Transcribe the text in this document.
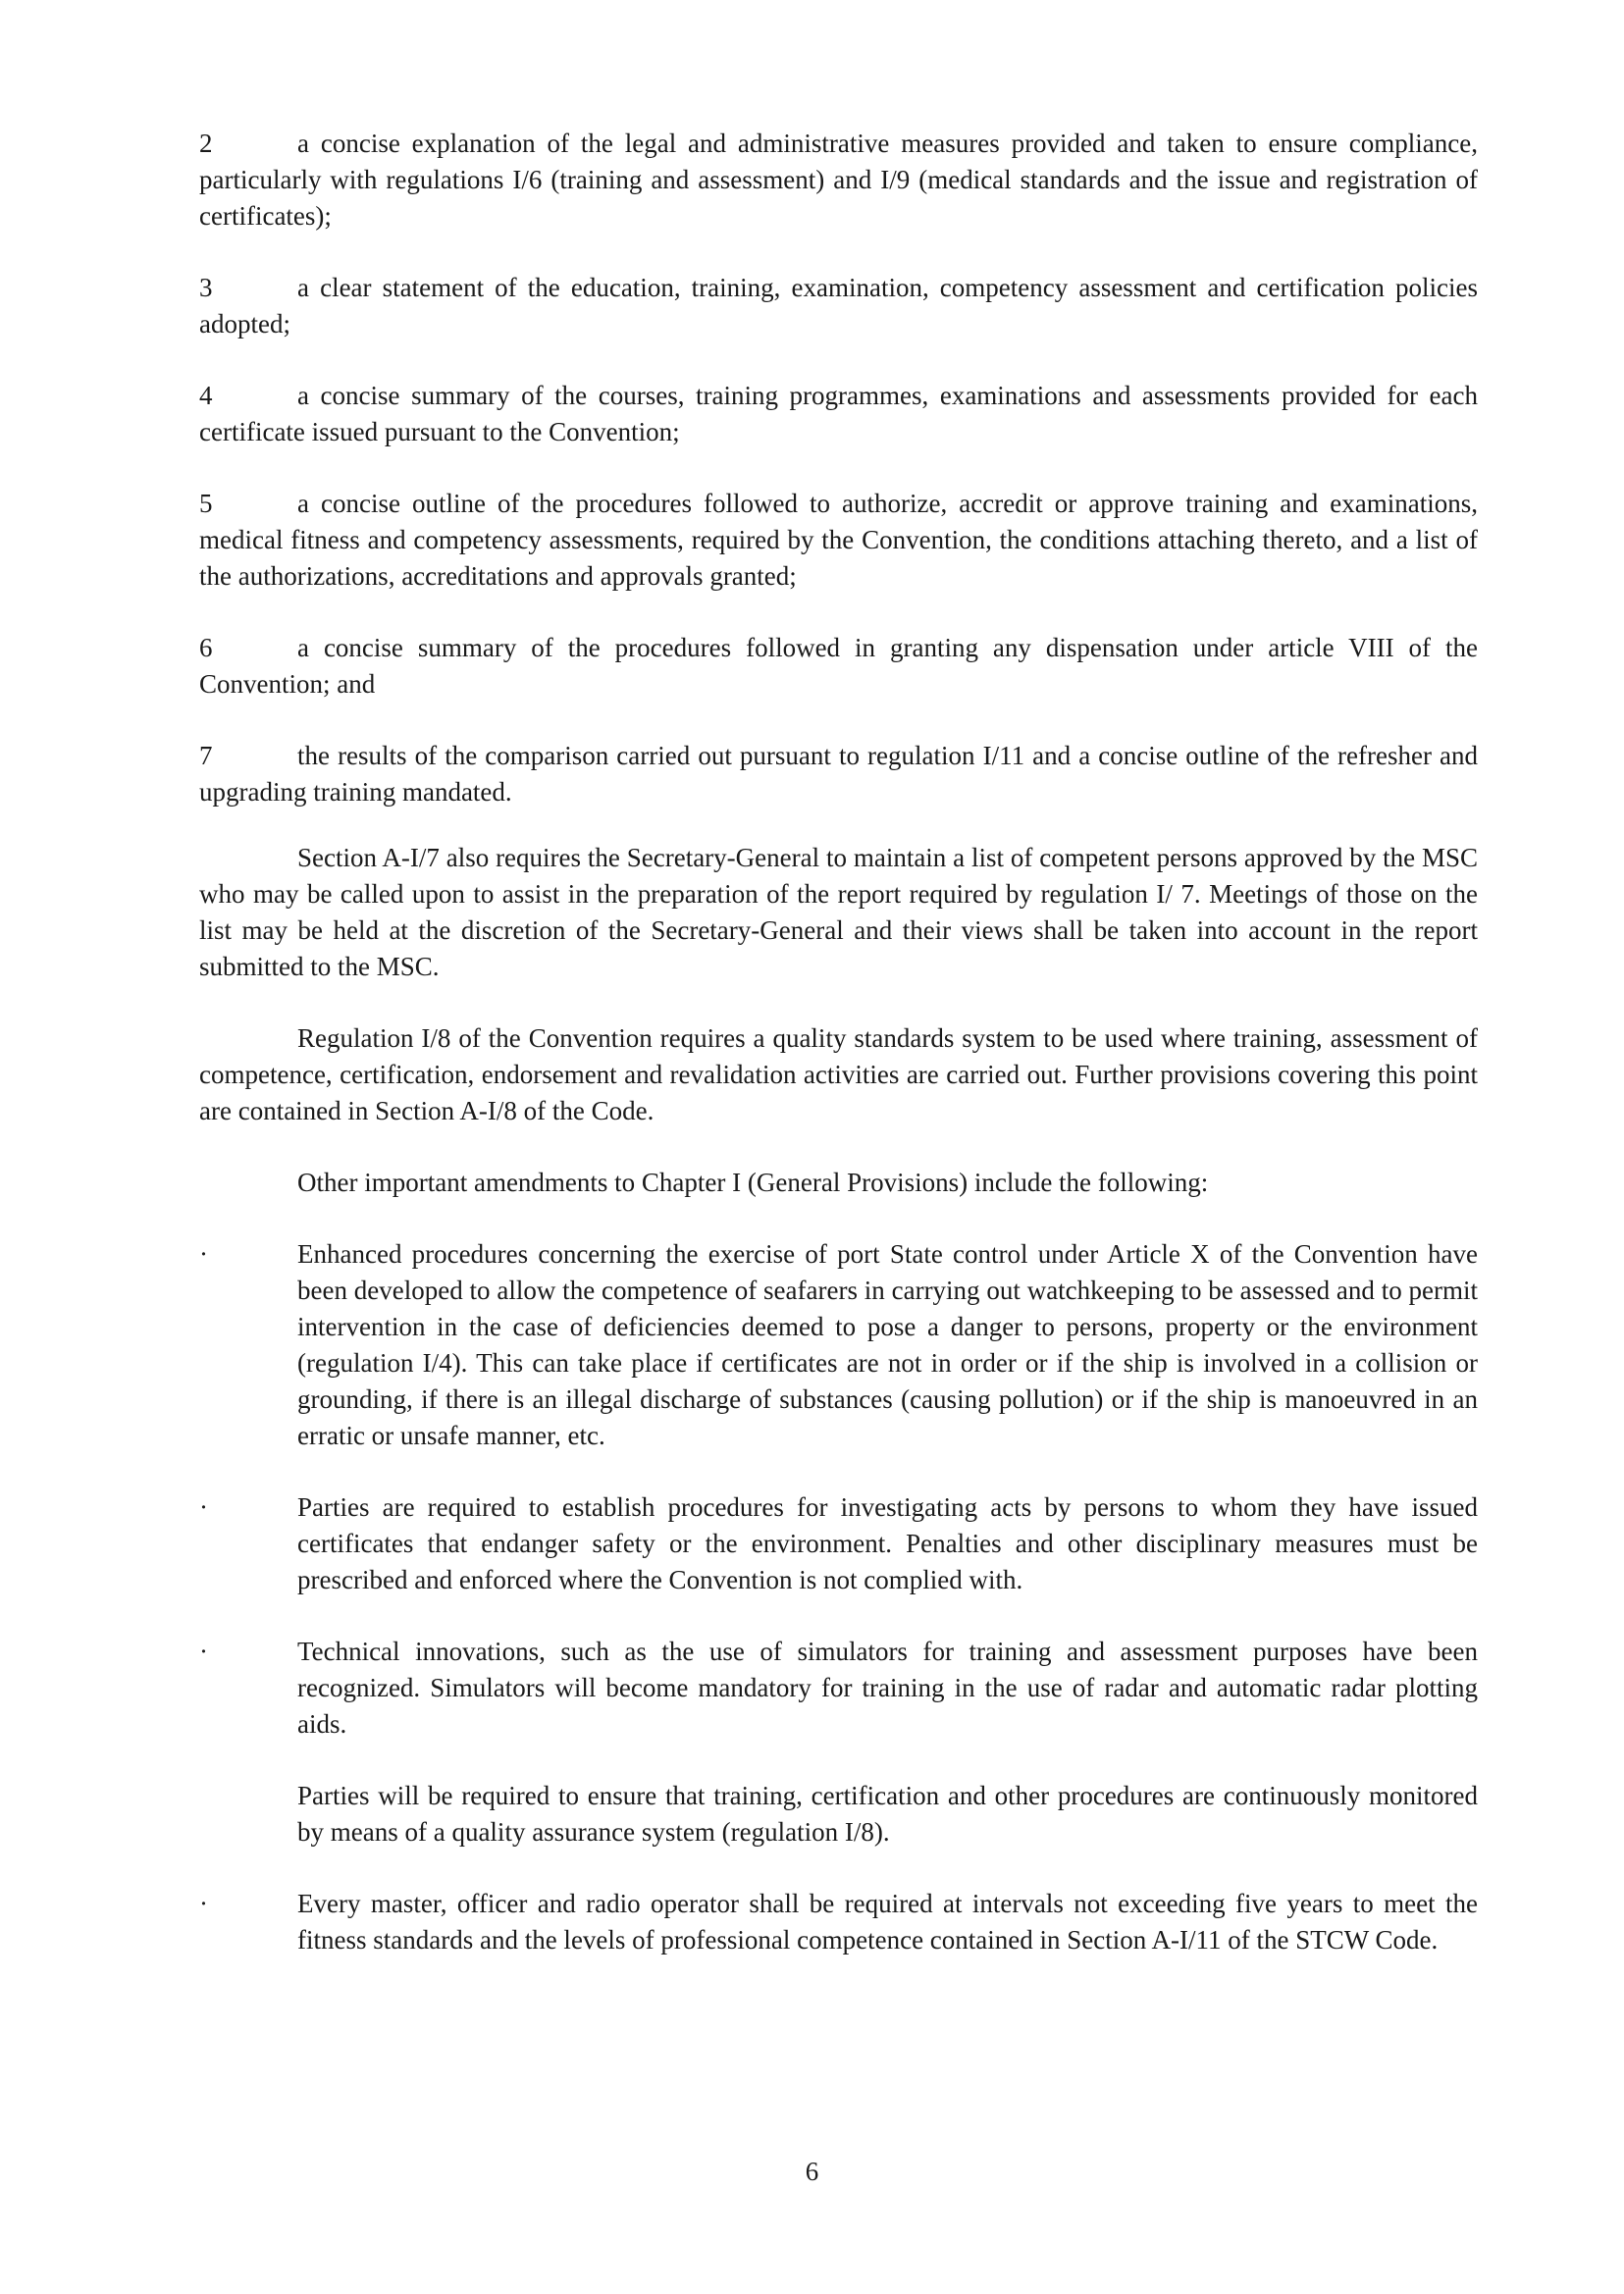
2	a concise explanation of the legal and administrative measures provided and taken to ensure compliance, particularly with regulations I/6 (training and assessment) and I/9 (medical standards and the issue and registration of certificates);

3	a clear statement of the education, training, examination, competency assessment and certification policies adopted;

4	a concise summary of the courses, training programmes, examinations and assessments provided for each certificate issued pursuant to the Convention;

5	a concise outline of the procedures followed to authorize, accredit or approve training and examinations, medical fitness and competency assessments, required by the Convention, the conditions attaching thereto, and a list of the authorizations, accreditations and approvals granted;

6	a concise summary of the procedures followed in granting any dispensation under article VIII of the Convention; and

7	the results of the comparison carried out pursuant to regulation I/11 and a concise outline of the refresher and upgrading training mandated.

Section A-I/7 also requires the Secretary-General to maintain a list of competent persons approved by the MSC who may be called upon to assist in the preparation of the report required by regulation I/ 7. Meetings of those on the list may be held at the discretion of the Secretary-General and their views shall be taken into account in the report submitted to the MSC.

Regulation I/8 of the Convention requires a quality standards system to be used where training, assessment of competence, certification, endorsement and revalidation activities are carried out. Further provisions covering this point are contained in Section A-I/8 of the Code.

Other important amendments to Chapter I (General Provisions) include the following:

·	Enhanced procedures concerning the exercise of port State control under Article X of the Convention have been developed to allow the competence of seafarers in carrying out watchkeeping to be assessed and to permit intervention in the case of deficiencies deemed to pose a danger to persons, property or the environment (regulation I/4). This can take place if certificates are not in order or if the ship is involved in a collision or grounding, if there is an illegal discharge of substances (causing pollution) or if the ship is manoeuvred in an erratic or unsafe manner, etc.
·	Parties are required to establish procedures for investigating acts by persons to whom they have issued certificates that endanger safety or the environment. Penalties and other disciplinary measures must be prescribed and enforced where the Convention is not complied with.
·	Technical innovations, such as the use of simulators for training and assessment purposes have been recognized. Simulators will become mandatory for training in the use of radar and automatic radar plotting aids.
Parties will be required to ensure that training, certification and other procedures are continuously monitored by means of a quality assurance system (regulation I/8).
·	Every master, officer and radio operator shall be required at intervals not exceeding five years to meet the fitness standards and the levels of professional competence contained in Section A-I/11 of the STCW Code.
6
